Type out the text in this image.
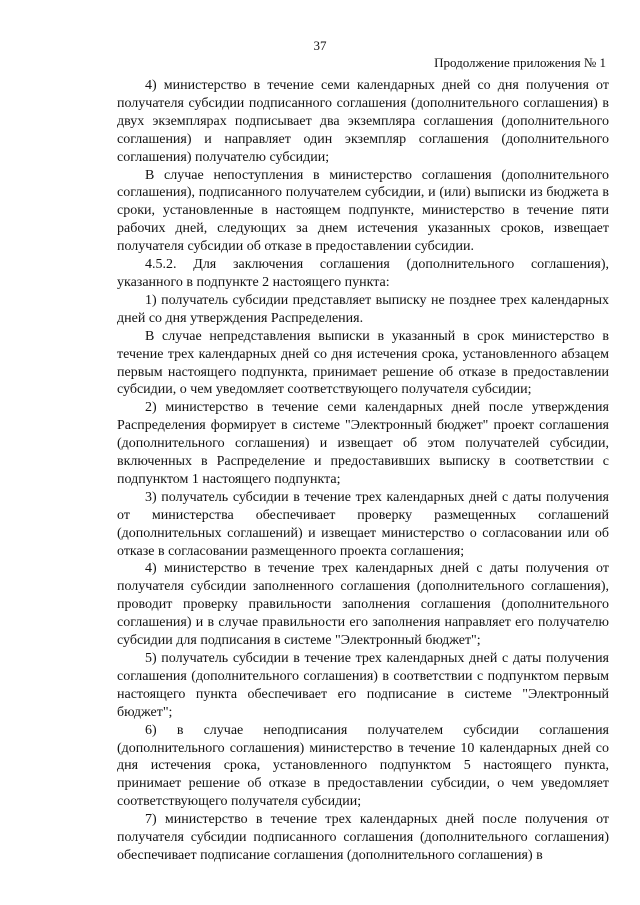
37
Продолжение приложения № 1

4) министерство в течение семи календарных дней со дня получения от получателя субсидии подписанного соглашения (дополнительного соглашения) в двух экземплярах подписывает два экземпляра соглашения (дополнительного соглашения) и направляет один экземпляр соглашения (дополнительного соглашения) получателю субсидии;

В случае непоступления в министерство соглашения (дополнительного соглашения), подписанного получателем субсидии, и (или) выписки из бюджета в сроки, установленные в настоящем подпункте, министерство в течение пяти рабочих дней, следующих за днем истечения указанных сроков, извещает получателя субсидии об отказе в предоставлении субсидии.

4.5.2. Для заключения соглашения (дополнительного соглашения), указанного в подпункте 2 настоящего пункта:

1) получатель субсидии представляет выписку не позднее трех календарных дней со дня утверждения Распределения.

В случае непредставления выписки в указанный в срок министерство в течение трех календарных дней со дня истечения срока, установленного абзацем первым настоящего подпункта, принимает решение об отказе в предоставлении субсидии, о чем уведомляет соответствующего получателя субсидии;

2) министерство в течение семи календарных дней после утверждения Распределения формирует в системе "Электронный бюджет" проект соглашения (дополнительного соглашения) и извещает об этом получателей субсидии, включенных в Распределение и предоставивших выписку в соответствии с подпунктом 1 настоящего подпункта;

3) получатель субсидии в течение трех календарных дней с даты получения от министерства обеспечивает проверку размещенных соглашений (дополнительных соглашений) и извещает министерство о согласовании или об отказе в согласовании размещенного проекта соглашения;

4) министерство в течение трех календарных дней с даты получения от получателя субсидии заполненного соглашения (дополнительного соглашения), проводит проверку правильности заполнения соглашения (дополнительного соглашения) и в случае правильности его заполнения направляет его получателю субсидии для подписания в системе "Электронный бюджет";

5) получатель субсидии в течение трех календарных дней с даты получения соглашения (дополнительного соглашения) в соответствии с подпунктом первым настоящего пункта обеспечивает его подписание в системе "Электронный бюджет";

6) в случае неподписания получателем субсидии соглашения (дополнительного соглашения) министерство в течение 10 календарных дней со дня истечения срока, установленного подпунктом 5 настоящего пункта, принимает решение об отказе в предоставлении субсидии, о чем уведомляет соответствующего получателя субсидии;

7) министерство в течение трех календарных дней после получения от получателя субсидии подписанного соглашения (дополнительного соглашения) обеспечивает подписание соглашения (дополнительного соглашения) в
